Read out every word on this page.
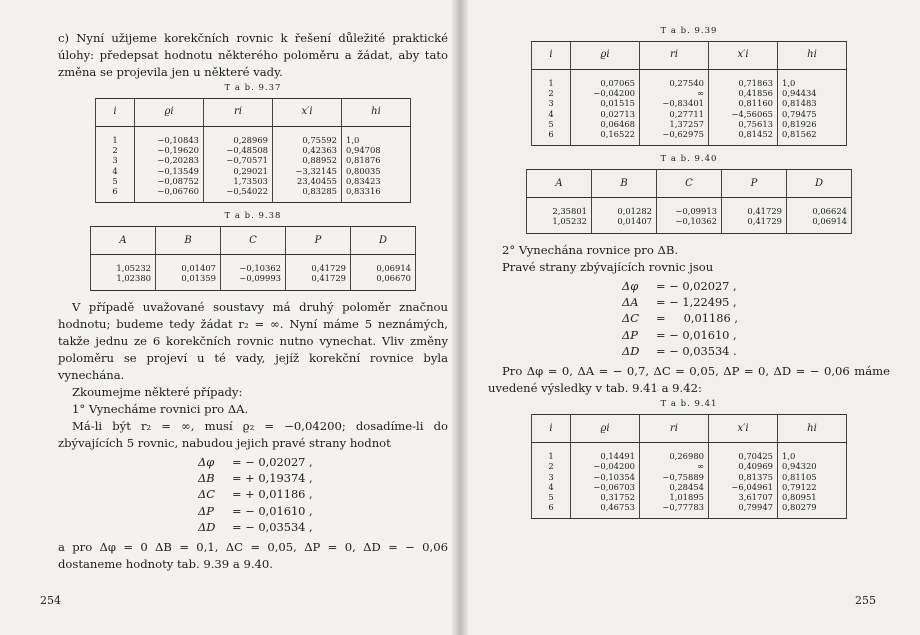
c) Nyní užijeme korekčních rovnic k řešení důležité praktické úlohy: předepsat hodnotu některého poloměru a žádat, aby tato změna se projevila jen u některé vady.

T a b. 9.37
i	ϱi	ri	x′i	hi
1	−0,10843	0,28969	0,75592	1,0
2	−0,19620	−0,48508	0,42363	0,94708
3	−0,20283	−0,70571	0,88952	0,81876
4	−0,13549	0,29021	−3,32145	0,80035
5	−0,08752	1,73503	23,40455	0,83423
6	−0,06760	−0,54022	0,83285	0,83316
T a b. 9.38
A	B	C	P	D
1,05232	0,01407	−0,10362	0,41729	0,06914
1,02380	0,01359	−0,09993	0,41729	0,06670

V případě uvažované soustavy má druhý poloměr značnou hodnotu; budeme tedy žádat r₂ = ∞. Nyní máme 5 neznámých, takže jednu ze 6 korekčních rovnic nutno vynechat. Vliv změny poloměru se projeví u té vady, jejíž korekční rovnice byla vynechána.

Zkoumejme některé případy:

1° Vynecháme rovnici pro ΔA.

Má-li být r₂ = ∞, musí ϱ₂ = −0,04200; dosadíme-li do zbývajících 5 rovnic, nabudou jejich pravé strany hodnot

Δφ = − 0,02027 ,
ΔB = + 0,19374 ,
ΔC = + 0,01186 ,
ΔP = − 0,01610 ,
ΔD = − 0,03534 ,

a pro Δφ = 0 ΔB = 0,1, ΔC = 0,05, ΔP = 0, ΔD = − 0,06 dostaneme hodnoty tab. 9.39 a 9.40.

254
T a b. 9.39
i	ϱi	ri	x′i	hi
1	0,07065	0,27540	0,71863	1,0
2	−0,04200	∞	0,41856	0,94434
3	0,01515	−0,83401	0,81160	0,81483
4	0,02713	0,27711	−4,56065	0,79475
5	0,06468	1,37257	0,75613	0,81926
6	0,16522	−0,62975	0,81452	0,81562
T a b. 9.40
A	B	C	P	D
2,35801	0,01282	−0,09913	0,41729	0,06624
1,05232	0,01407	−0,10362	0,41729	0,06914

2° Vynechána rovnice pro ΔB.

Pravé strany zbývajících rovnic jsou

Δφ = − 0,02027 ,
ΔA = − 1,22495 ,
ΔC =     0,01186 ,
ΔP = − 0,01610 ,
ΔD = − 0,03534 .

Pro Δφ = 0, ΔA = − 0,7, ΔC = 0,05, ΔP = 0, ΔD = − 0,06 máme uvedené výsledky v tab. 9.41 a 9.42:

T a b. 9.41
i	ϱi	ri	x′i	hi
1	0,14491	0,26980	0,70425	1,0
2	−0,04200	∞	0,40969	0,94320
3	−0,10354	−0,75889	0,81375	0,81105
4	−0,06703	0,28454	−6,04961	0,79122
5	0,31752	1,01895	3,61707	0,80951
6	0,46753	−0,77783	0,79947	0,80279
255
